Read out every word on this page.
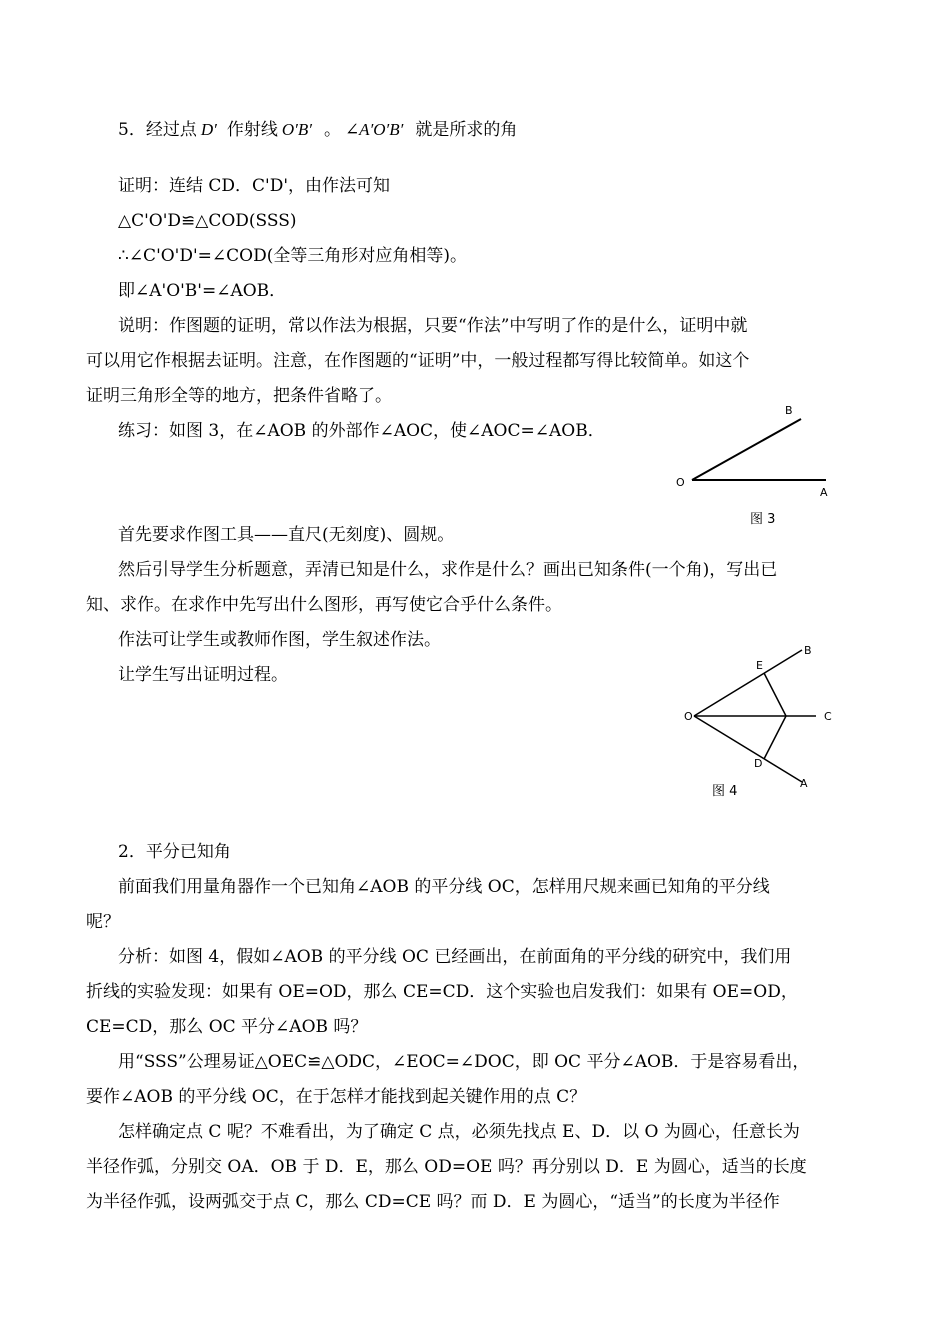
5．经过点 D′ 作射线 O′B′ 。 ∠A′O′B′ 就是所求的角
证明：连结 CD．C'D'，由作法可知
△C'O'D≌△COD(SSS)
∴∠C'O'D'=∠COD(全等三角形对应角相等)。
即∠A'O'B'=∠AOB．
说明：作图题的证明，常以作法为根据，只要“作法”中写明了作的是什么，证明中就
可以用它作根据去证明。注意，在作图题的“证明”中，一般过程都写得比较简单。如这个
证明三角形全等的地方，把条件省略了。
练习：如图 3，在∠AOB 的外部作∠AOC，使∠AOC=∠AOB．
O
A
B
图 3
首先要求作图工具——直尺(无刻度)、圆规。
然后引导学生分析题意，弄清已知是什么，求作是什么？画出已知条件(一个角)，写出已
知、求作。在求作中先写出什么图形，再写使它合乎什么条件。
作法可让学生或教师作图，学生叙述作法。
让学生写出证明过程。
O
E
B
C
D
A
图 4
2．平分已知角
前面我们用量角器作一个已知角∠AOB 的平分线 OC，怎样用尺规来画已知角的平分线
呢？
分析：如图 4，假如∠AOB 的平分线 OC 已经画出，在前面角的平分线的研究中，我们用
折线的实验发现：如果有 OE=OD，那么 CE=CD．这个实验也启发我们：如果有 OE=OD，
CE=CD，那么 OC 平分∠AOB 吗？
用“SSS”公理易证△OEC≌△ODC，∠EOC=∠DOC，即 OC 平分∠AOB．于是容易看出，
要作∠AOB 的平分线 OC，在于怎样才能找到起关键作用的点 C？
怎样确定点 C 呢？不难看出，为了确定 C 点，必须先找点 E、D．以 O 为圆心，任意长为
半径作弧，分别交 OA．OB 于 D．E，那么 OD=OE 吗？再分别以 D．E 为圆心，适当的长度
为半径作弧，设两弧交于点 C，那么 CD=CE 吗？而 D．E 为圆心，“适当”的长度为半径作
